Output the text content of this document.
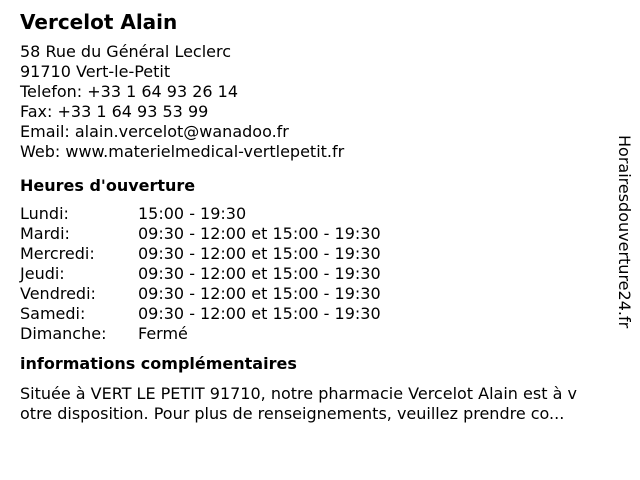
Vercelot Alain
58 Rue du Général Leclerc
91710 Vert-le-Petit
Telefon: +33 1 64 93 26 14
Fax: +33 1 64 93 53 99
Email: alain.vercelot@wanadoo.fr
Web: www.materielmedical-vertlepetit.fr
Heures d'ouverture
Lundi:	15:00 - 19:30
Mardi:	09:30 - 12:00 et 15:00 - 19:30
Mercredi:	09:30 - 12:00 et 15:00 - 19:30
Jeudi:	09:30 - 12:00 et 15:00 - 19:30
Vendredi:	09:30 - 12:00 et 15:00 - 19:30
Samedi:	09:30 - 12:00 et 15:00 - 19:30
Dimanche:	Fermé
informations complémentaires
Située à VERT LE PETIT 91710, notre pharmacie Vercelot Alain est à v
otre disposition. Pour plus de renseignements, veuillez prendre co...
Horairesdouverture24.fr
